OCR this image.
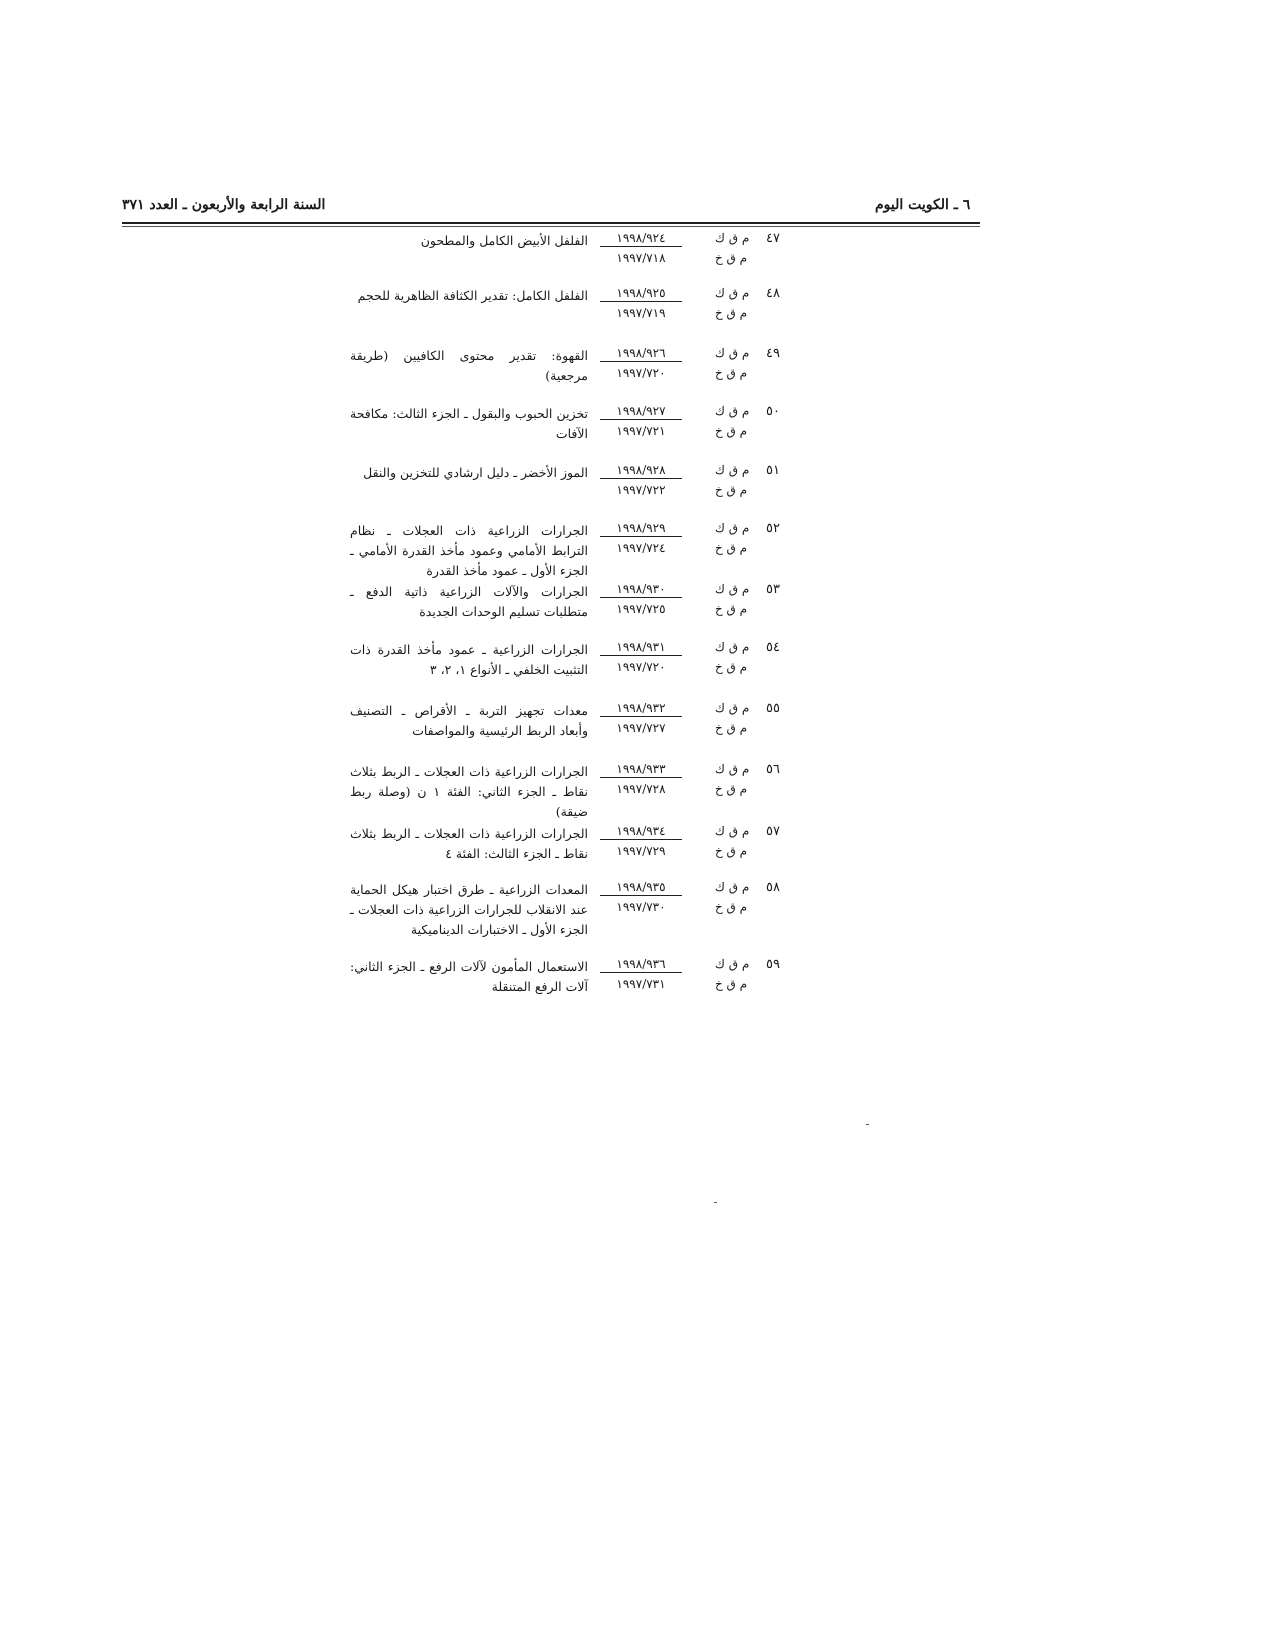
٦ ـ الكويت اليوم
السنة الرابعة والأربعون ـ العدد ٣٧١
٤٧
م ق ك
١٩٩٨/٩٢٤
م ق خ
١٩٩٧/٧١٨
الفلفل الأبيض الكامل والمطحون
٤٨
م ق ك
١٩٩٨/٩٢٥
م ق خ
١٩٩٧/٧١٩
الفلفل الكامل: تقدير الكثافة الظاهرية للحجم
٤٩
م ق ك
١٩٩٨/٩٢٦
م ق خ
١٩٩٧/٧٢٠
القهوة: تقدير محتوى الكافيين (طريقة مرجعية)
٥٠
م ق ك
١٩٩٨/٩٢٧
م ق خ
١٩٩٧/٧٢١
تخزين الحبوب والبقول ـ الجزء الثالث: مكافحة الآفات
٥١
م ق ك
١٩٩٨/٩٢٨
م ق خ
١٩٩٧/٧٢٢
الموز الأخضر ـ دليل ارشادي للتخزين والنقل
٥٢
م ق ك
١٩٩٨/٩٢٩
م ق خ
١٩٩٧/٧٢٤
الجرارات الزراعية ذات العجلات ـ نظام الترابط الأمامي وعمود مأخذ القدرة الأمامي ـ الجزء الأول ـ عمود مأخذ القدرة
٥٣
م ق ك
١٩٩٨/٩٣٠
م ق خ
١٩٩٧/٧٢٥
الجرارات والآلات الزراعية ذاتية الدفع ـ متطلبات تسليم الوحدات الجديدة
٥٤
م ق ك
١٩٩٨/٩٣١
م ق خ
١٩٩٧/٧٢٠
الجرارات الزراعية ـ عمود مأخذ القدرة ذات التثبيت الخلفي ـ الأنواع ١، ٢، ٣
٥٥
م ق ك
١٩٩٨/٩٣٢
م ق خ
١٩٩٧/٧٢٧
معدات تجهيز التربة ـ الأقراص ـ التصنيف وأبعاد الربط الرئيسية والمواصفات
٥٦
م ق ك
١٩٩٨/٩٣٣
م ق خ
١٩٩٧/٧٢٨
الجرارات الزراعية ذات العجلات ـ الربط بثلاث نقاط ـ الجزء الثاني: الفئة ١ ن (وصلة ربط ضيقة)
٥٧
م ق ك
١٩٩٨/٩٣٤
م ق خ
١٩٩٧/٧٢٩
الجرارات الزراعية ذات العجلات ـ الربط بثلاث نقاط ـ الجزء الثالث: الفئة ٤
٥٨
م ق ك
١٩٩٨/٩٣٥
م ق خ
١٩٩٧/٧٣٠
المعدات الزراعية ـ طرق اختبار هيكل الحماية عند الانقلاب للجرارات الزراعية ذات العجلات ـ الجزء الأول ـ الاختبارات الديناميكية
٥٩
م ق ك
١٩٩٨/٩٣٦
م ق خ
١٩٩٧/٧٣١
الاستعمال المأمون لآلات الرفع ـ الجزء الثاني: آلات الرفع المتنقلة
